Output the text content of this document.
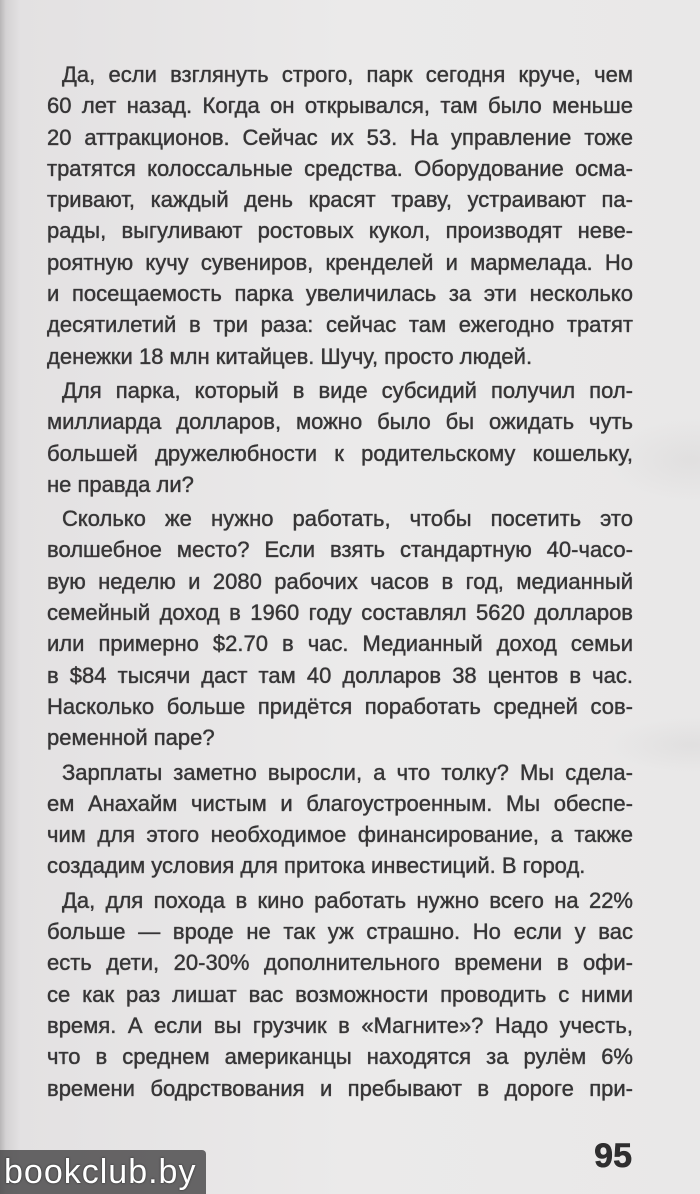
Да, если взглянуть строго, парк сегодня круче, чем
60 лет назад. Когда он открывался, там было меньше
20 аттракционов. Сейчас их 53. На управление тоже
тратятся колоссальные средства. Оборудование осма-
тривают, каждый день красят траву, устраивают па-
рады, выгуливают ростовых кукол, производят неве-
роятную кучу сувениров, кренделей и мармелада. Но
и посещаемость парка увеличилась за эти несколько
десятилетий в три раза: сейчас там ежегодно тратят
денежки 18 млн китайцев. Шучу, просто людей.
Для парка, который в виде субсидий получил пол-
миллиарда долларов, можно было бы ожидать чуть
большей дружелюбности к родительскому кошельку,
не правда ли?
Сколько же нужно работать, чтобы посетить это
волшебное место? Если взять стандартную 40-часо-
вую неделю и 2080 рабочих часов в год, медианный
семейный доход в 1960 году составлял 5620 долларов
или примерно $2.70 в час. Медианный доход семьи
в $84 тысячи даст там 40 долларов 38 центов в час.
Насколько больше придётся поработать средней сов-
ременной паре?
Зарплаты заметно выросли, а что толку? Мы сдела-
ем Анахайм чистым и благоустроенным. Мы обеспе-
чим для этого необходимое финансирование, а также
создадим условия для притока инвестиций. В город.
Да, для похода в кино работать нужно всего на 22%
больше — вроде не так уж страшно. Но если у вас
есть дети, 20-30% дополнительного времени в офи-
се как раз лишат вас возможности проводить с ними
время. А если вы грузчик в «Магните»? Надо учесть,
что в среднем американцы находятся за рулём 6%
времени бодрствования и пребывают в дороге при-
95
bookclub.by
